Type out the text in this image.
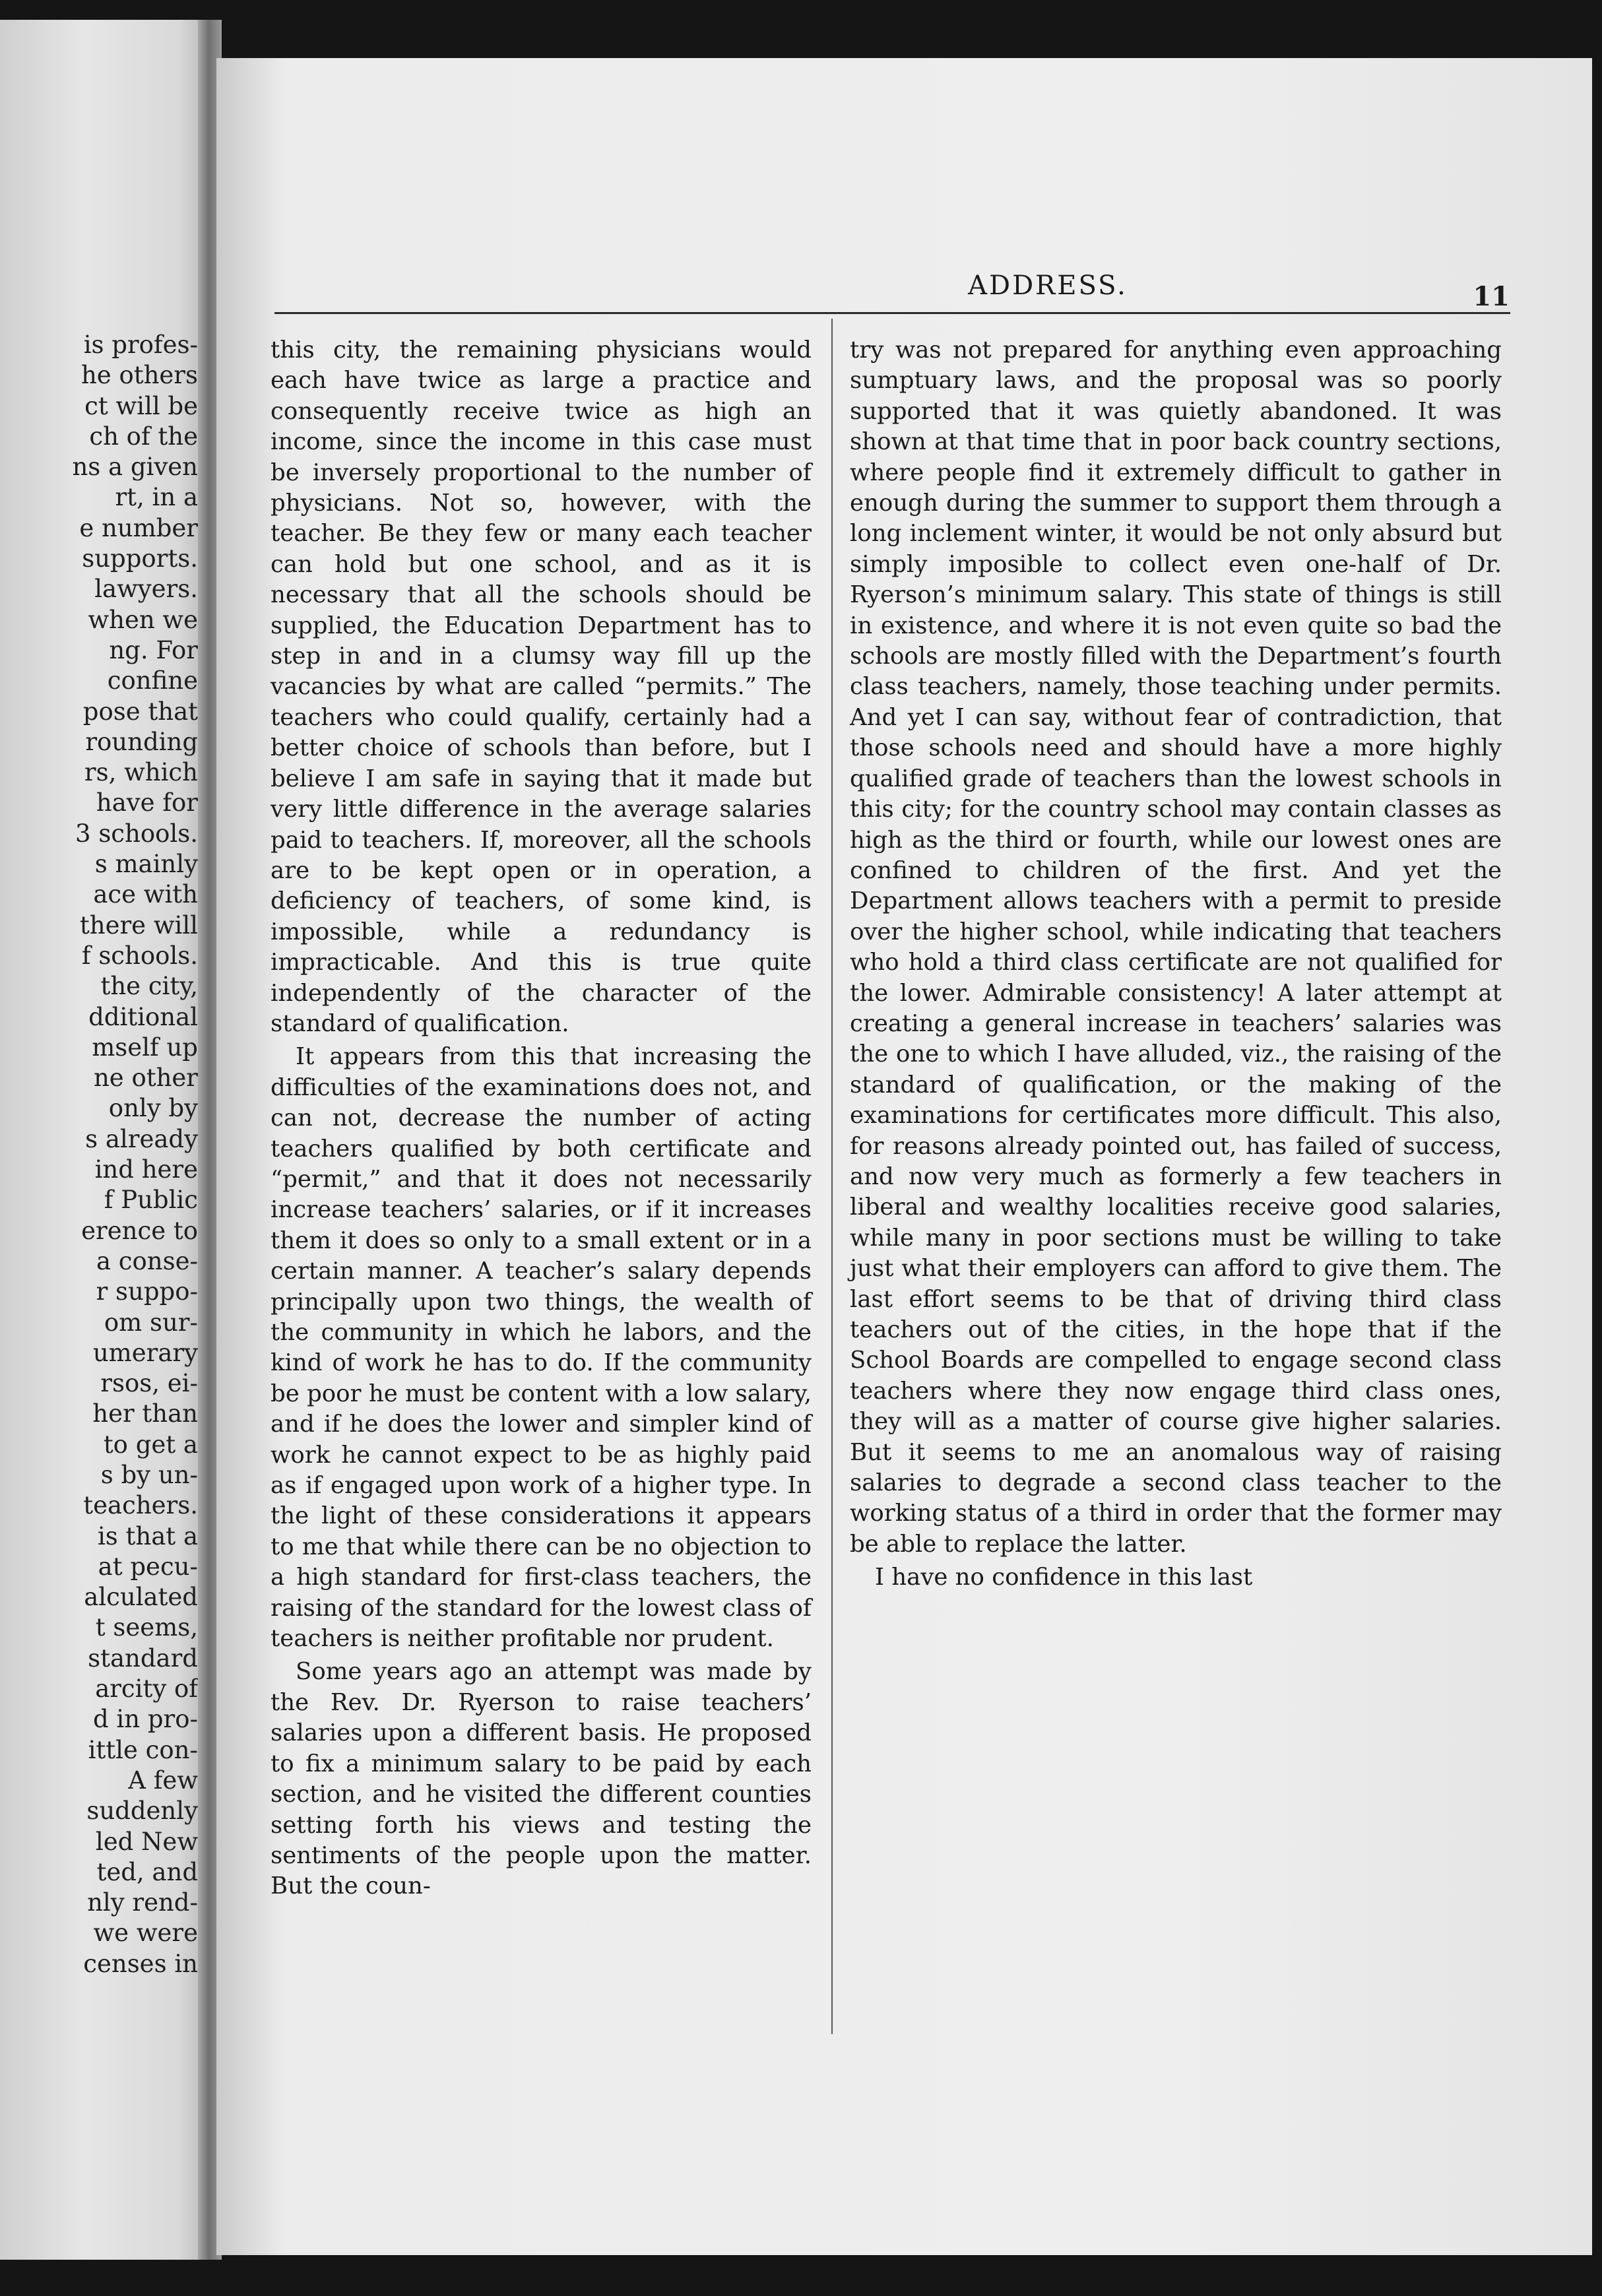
is profes-
he others
ct will be
ch of the
ns a given
rt, in a
e number
supports.
lawyers.
when we
ng. For
confine
pose that
rounding
rs, which
have for
3 schools.
s mainly
ace with
there will
f schools.
the city,
dditional
mself up
ne other
only by
s already
ind here
f Public
erence to
a conse-
r suppo-
om sur-
umerary
rsos, ei-
her than
to get a
s by un-
teachers.
is that a
at pecu-
alculated
t seems,
standard
arcity of
d in pro-
ittle con-
A few
suddenly
led New
ted, and
nly rend-
we were
censes in
ADDRESS.	11

this city, the remaining physicians would each have twice as large a practice and consequently receive twice as high an income, since the income in this case must be inversely proportional to the number of physicians. Not so, however, with the teacher. Be they few or many each teacher can hold but one school, and as it is necessary that all the schools should be supplied, the Education Department has to step in and in a clumsy way fill up the vacancies by what are called “permits.” The teachers who could qualify, certainly had a better choice of schools than before, but I believe I am safe in saying that it made but very little difference in the average salaries paid to teachers. If, moreover, all the schools are to be kept open or in operation, a deficiency of teachers, of some kind, is impossible, while a redundancy is impracticable. And this is true quite independently of the character of the standard of qualification.

It appears from this that increasing the difficulties of the examinations does not, and can not, decrease the number of acting teachers qualified by both certificate and “permit,” and that it does not necessarily increase teachers’ salaries, or if it increases them it does so only to a small extent or in a certain manner. A teacher’s salary depends principally upon two things, the wealth of the community in which he labors, and the kind of work he has to do. If the community be poor he must be content with a low salary, and if he does the lower and simpler kind of work he cannot expect to be as highly paid as if engaged upon work of a higher type. In the light of these considerations it appears to me that while there can be no objection to a high standard for first-class teachers, the raising of the standard for the lowest class of teachers is neither profitable nor prudent.

Some years ago an attempt was made by the Rev. Dr. Ryerson to raise teachers’ salaries upon a different basis. He proposed to fix a minimum salary to be paid by each section, and he visited the different counties setting forth his views and testing the sentiments of the people upon the matter. But the coun-

try was not prepared for anything even approaching sumptuary laws, and the proposal was so poorly supported that it was quietly abandoned. It was shown at that time that in poor back country sections, where people find it extremely difficult to gather in enough during the summer to support them through a long inclement winter, it would be not only absurd but simply imposible to collect even one-half of Dr. Ryerson’s minimum salary. This state of things is still in existence, and where it is not even quite so bad the schools are mostly filled with the Department’s fourth class teachers, namely, those teaching under permits. And yet I can say, without fear of contradiction, that those schools need and should have a more highly qualified grade of teachers than the lowest schools in this city; for the country school may contain classes as high as the third or fourth, while our lowest ones are confined to children of the first. And yet the Department allows teachers with a permit to preside over the higher school, while indicating that teachers who hold a third class certificate are not qualified for the lower. Admirable consistency! A later attempt at creating a general increase in teachers’ salaries was the one to which I have alluded, viz., the raising of the standard of qualification, or the making of the examinations for certificates more difficult. This also, for reasons already pointed out, has failed of success, and now very much as formerly a few teachers in liberal and wealthy localities receive good salaries, while many in poor sections must be willing to take just what their employers can afford to give them. The last effort seems to be that of driving third class teachers out of the cities, in the hope that if the School Boards are compelled to engage second class teachers where they now engage third class ones, they will as a matter of course give higher salaries. But it seems to me an anomalous way of raising salaries to degrade a second class teacher to the working status of a third in order that the former may be able to replace the latter.

I have no confidence in this last
